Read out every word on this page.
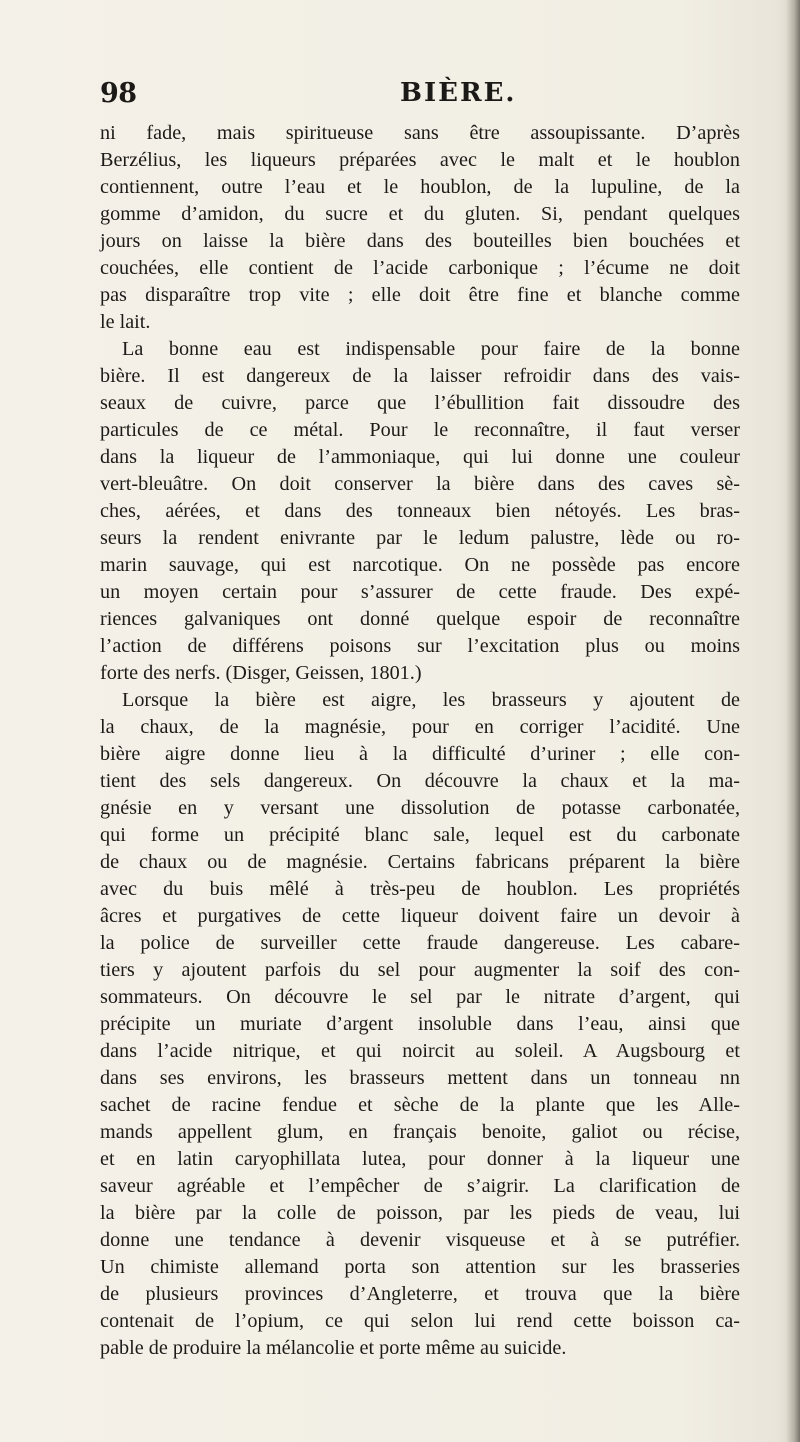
98	BIÈRE.
ni fade, mais spiritueuse sans être assoupissante. D’après
Berzélius, les liqueurs préparées avec le malt et le houblon
contiennent, outre l’eau et le houblon, de la lupuline, de la
gomme d’amidon, du sucre et du gluten. Si, pendant quelques
jours on laisse la bière dans des bouteilles bien bouchées et
couchées, elle contient de l’acide carbonique ; l’écume ne doit
pas disparaître trop vite ; elle doit être fine et blanche comme
le lait.
La bonne eau est indispensable pour faire de la bonne
bière. Il est dangereux de la laisser refroidir dans des vais-
seaux de cuivre, parce que l’ébullition fait dissoudre des
particules de ce métal. Pour le reconnaître, il faut verser
dans la liqueur de l’ammoniaque, qui lui donne une couleur
vert-bleuâtre. On doit conserver la bière dans des caves sè-
ches, aérées, et dans des tonneaux bien nétoyés. Les bras-
seurs la rendent enivrante par le ledum palustre, lède ou ro-
marin sauvage, qui est narcotique. On ne possède pas encore
un moyen certain pour s’assurer de cette fraude. Des expé-
riences galvaniques ont donné quelque espoir de reconnaître
l’action de différens poisons sur l’excitation plus ou moins
forte des nerfs. (Disger, Geissen, 1801.)
Lorsque la bière est aigre, les brasseurs y ajoutent de
la chaux, de la magnésie, pour en corriger l’acidité. Une
bière aigre donne lieu à la difficulté d’uriner ; elle con-
tient des sels dangereux. On découvre la chaux et la ma-
gnésie en y versant une dissolution de potasse carbonatée,
qui forme un précipité blanc sale, lequel est du carbonate
de chaux ou de magnésie. Certains fabricans préparent la bière
avec du buis mêlé à très-peu de houblon. Les propriétés
âcres et purgatives de cette liqueur doivent faire un devoir à
la police de surveiller cette fraude dangereuse. Les cabare-
tiers y ajoutent parfois du sel pour augmenter la soif des con-
sommateurs. On découvre le sel par le nitrate d’argent, qui
précipite un muriate d’argent insoluble dans l’eau, ainsi que
dans l’acide nitrique, et qui noircit au soleil. A Augsbourg et
dans ses environs, les brasseurs mettent dans un tonneau nn
sachet de racine fendue et sèche de la plante que les Alle-
mands appellent glum, en français benoite, galiot ou récise,
et en latin caryophillata lutea, pour donner à la liqueur une
saveur agréable et l’empêcher de s’aigrir. La clarification de
la bière par la colle de poisson, par les pieds de veau, lui
donne une tendance à devenir visqueuse et à se putréfier.
Un chimiste allemand porta son attention sur les brasseries
de plusieurs provinces d’Angleterre, et trouva que la bière
contenait de l’opium, ce qui selon lui rend cette boisson ca-
pable de produire la mélancolie et porte même au suicide.
